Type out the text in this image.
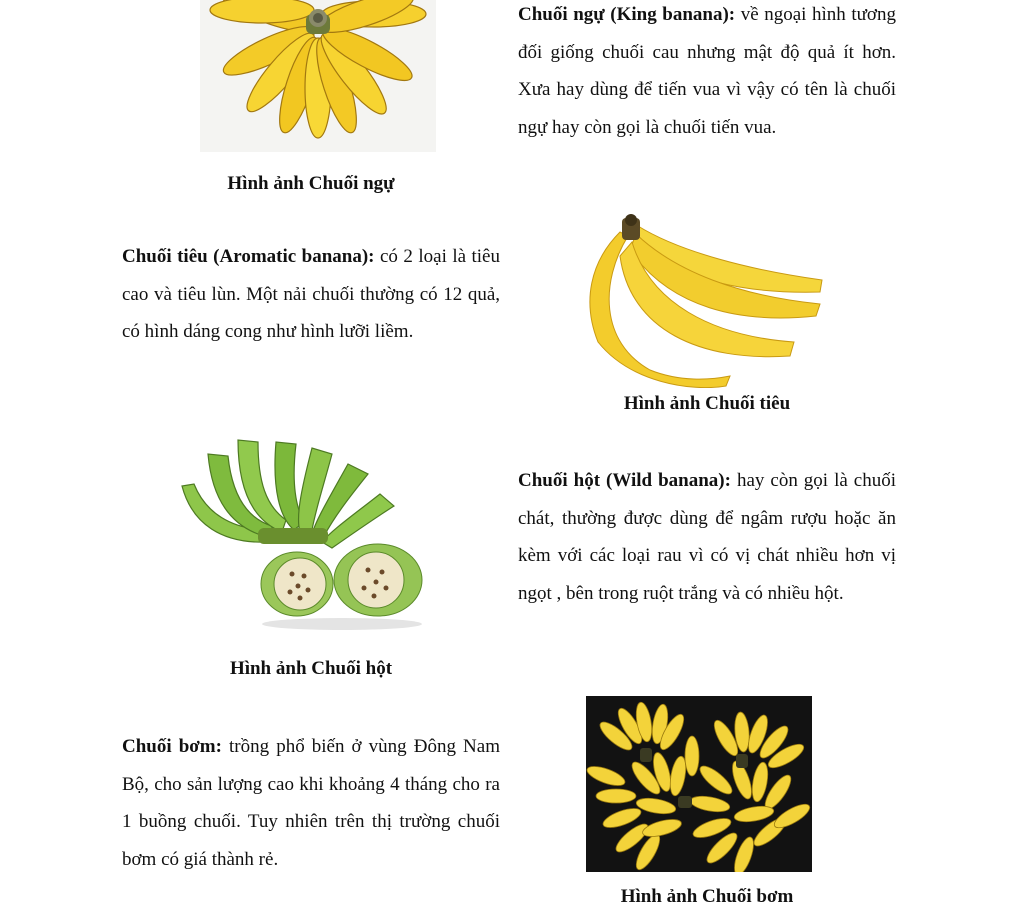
Hình ảnh Chuối ngự

Chuối ngự (King banana): về ngoại hình tương đối giống chuối cau nhưng mật độ quả ít hơn. Xưa hay dùng để tiến vua vì vậy có tên là chuối ngự hay còn gọi là chuối tiến vua.

Chuối tiêu (Aromatic banana): có 2 loại là tiêu cao và tiêu lùn. Một nải chuối thường có 12 quả, có hình dáng cong như hình lưỡi liềm.

Hình ảnh Chuối tiêu

Hình ảnh Chuối hột

Chuối hột (Wild banana): hay còn gọi là chuối chát, thường được dùng để ngâm rượu hoặc ăn kèm với các loại rau vì có vị chát nhiều hơn vị ngọt , bên trong ruột trắng và có nhiều hột.

Chuối bơm: trồng phổ biến ở vùng Đông Nam Bộ, cho sản lượng cao khi khoảng 4 tháng cho ra 1 buồng chuối. Tuy nhiên trên thị trường chuối bơm có giá thành rẻ.

Hình ảnh Chuối bơm
